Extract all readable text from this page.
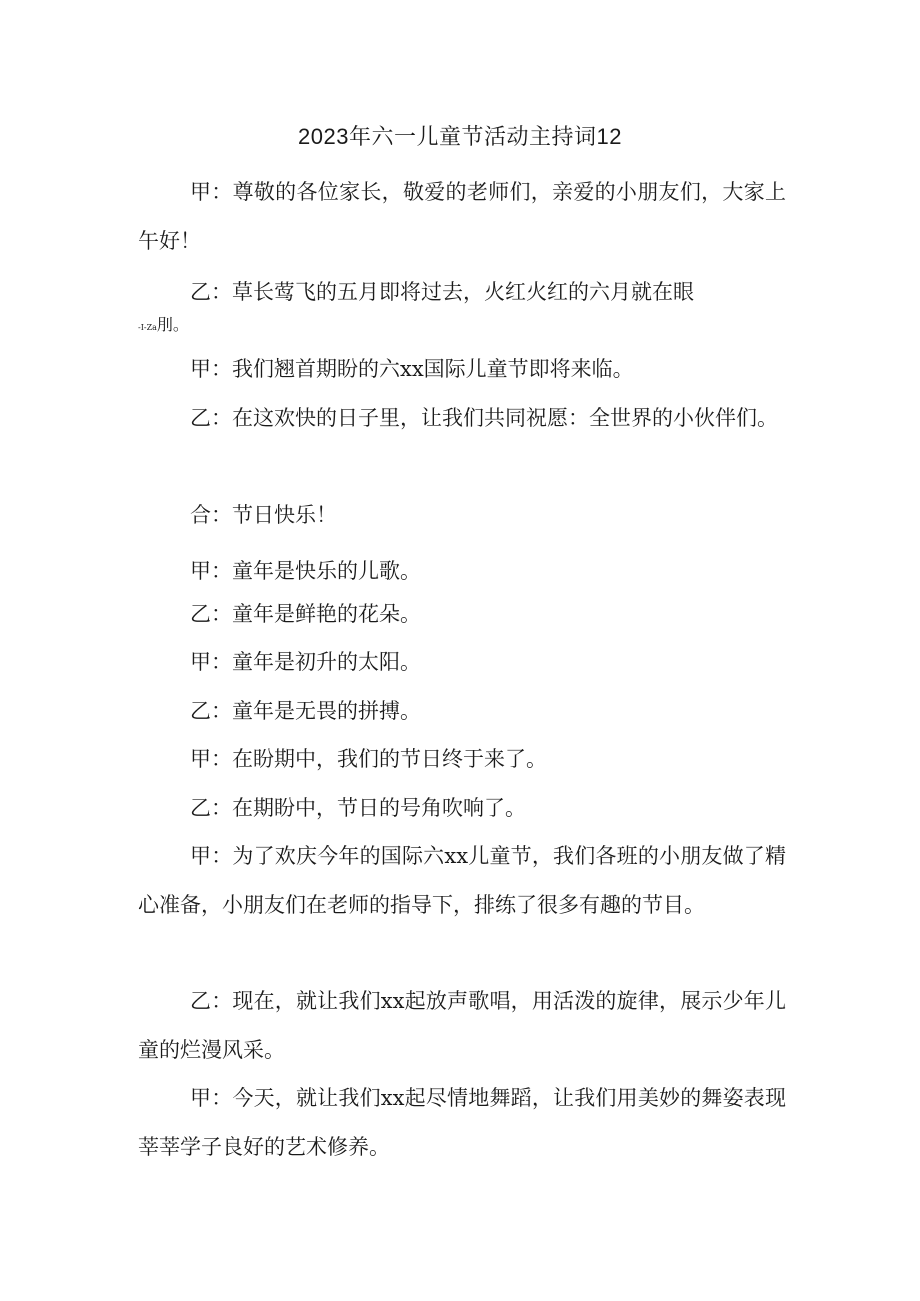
2023年六一儿童节活动主持词12

甲：尊敬的各位家长，敬爱的老师们，亲爱的小朋友们，大家上午好！

乙：草长莺飞的五月即将过去，火红火红的六月就在眼

-I-Za刖。

甲：我们翘首期盼的六xx国际儿童节即将来临。

乙：在这欢快的日子里，让我们共同祝愿：全世界的小伙伴们。

合：节日快乐！

甲：童年是快乐的儿歌。

乙：童年是鲜艳的花朵。

甲：童年是初升的太阳。

乙：童年是无畏的拼搏。

甲：在盼期中，我们的节日终于来了。

乙：在期盼中，节日的号角吹响了。

甲：为了欢庆今年的国际六xx儿童节，我们各班的小朋友做了精心准备，小朋友们在老师的指导下，排练了很多有趣的节目。

乙：现在，就让我们xx起放声歌唱，用活泼的旋律，展示少年儿童的烂漫风采。

甲：今天，就让我们xx起尽情地舞蹈，让我们用美妙的舞姿表现莘莘学子良好的艺术修养。
